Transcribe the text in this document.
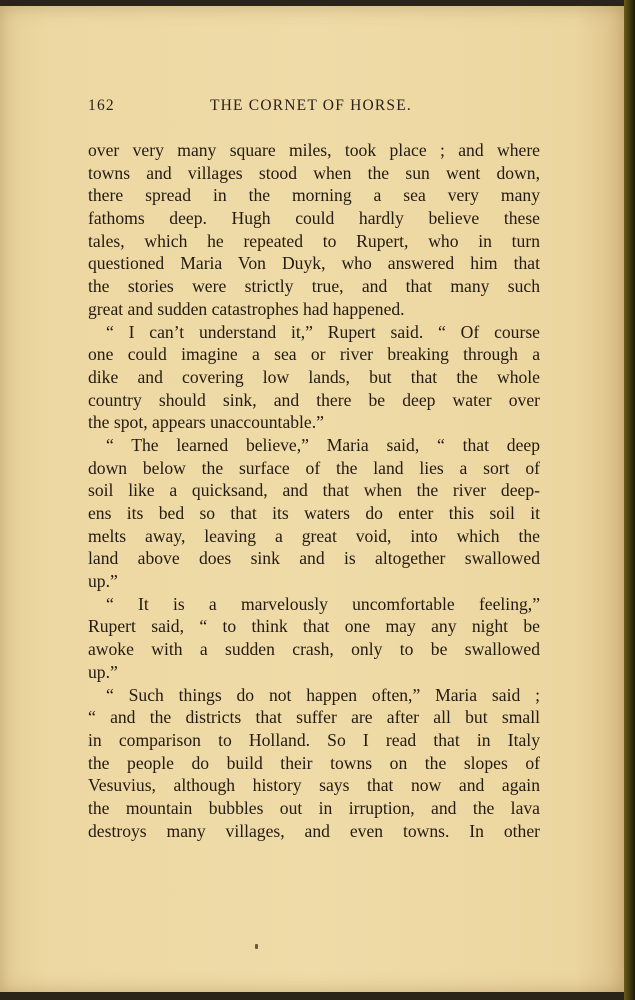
162	THE CORNET OF HORSE.
over very many square miles, took place ; and where
towns and villages stood when the sun went down,
there spread in the morning a sea very many
fathoms deep. Hugh could hardly believe these
tales, which he repeated to Rupert, who in turn
questioned Maria Von Duyk, who answered him that
the stories were strictly true, and that many such
great and sudden catastrophes had happened.
“ I can’t understand it,” Rupert said. “ Of course
one could imagine a sea or river breaking through a
dike and covering low lands, but that the whole
country should sink, and there be deep water over
the spot, appears unaccountable.”
“ The learned believe,” Maria said, “ that deep
down below the surface of the land lies a sort of
soil like a quicksand, and that when the river deep-
ens its bed so that its waters do enter this soil it
melts away, leaving a great void, into which the
land above does sink and is altogether swallowed
up.”
“ It is a marvelously uncomfortable feeling,”
Rupert said, “ to think that one may any night be
awoke with a sudden crash, only to be swallowed
up.”
“ Such things do not happen often,” Maria said ;
“ and the districts that suffer are after all but small
in comparison to Holland. So I read that in Italy
the people do build their towns on the slopes of
Vesuvius, although history says that now and again
the mountain bubbles out in irruption, and the lava
destroys many villages, and even towns. In other
